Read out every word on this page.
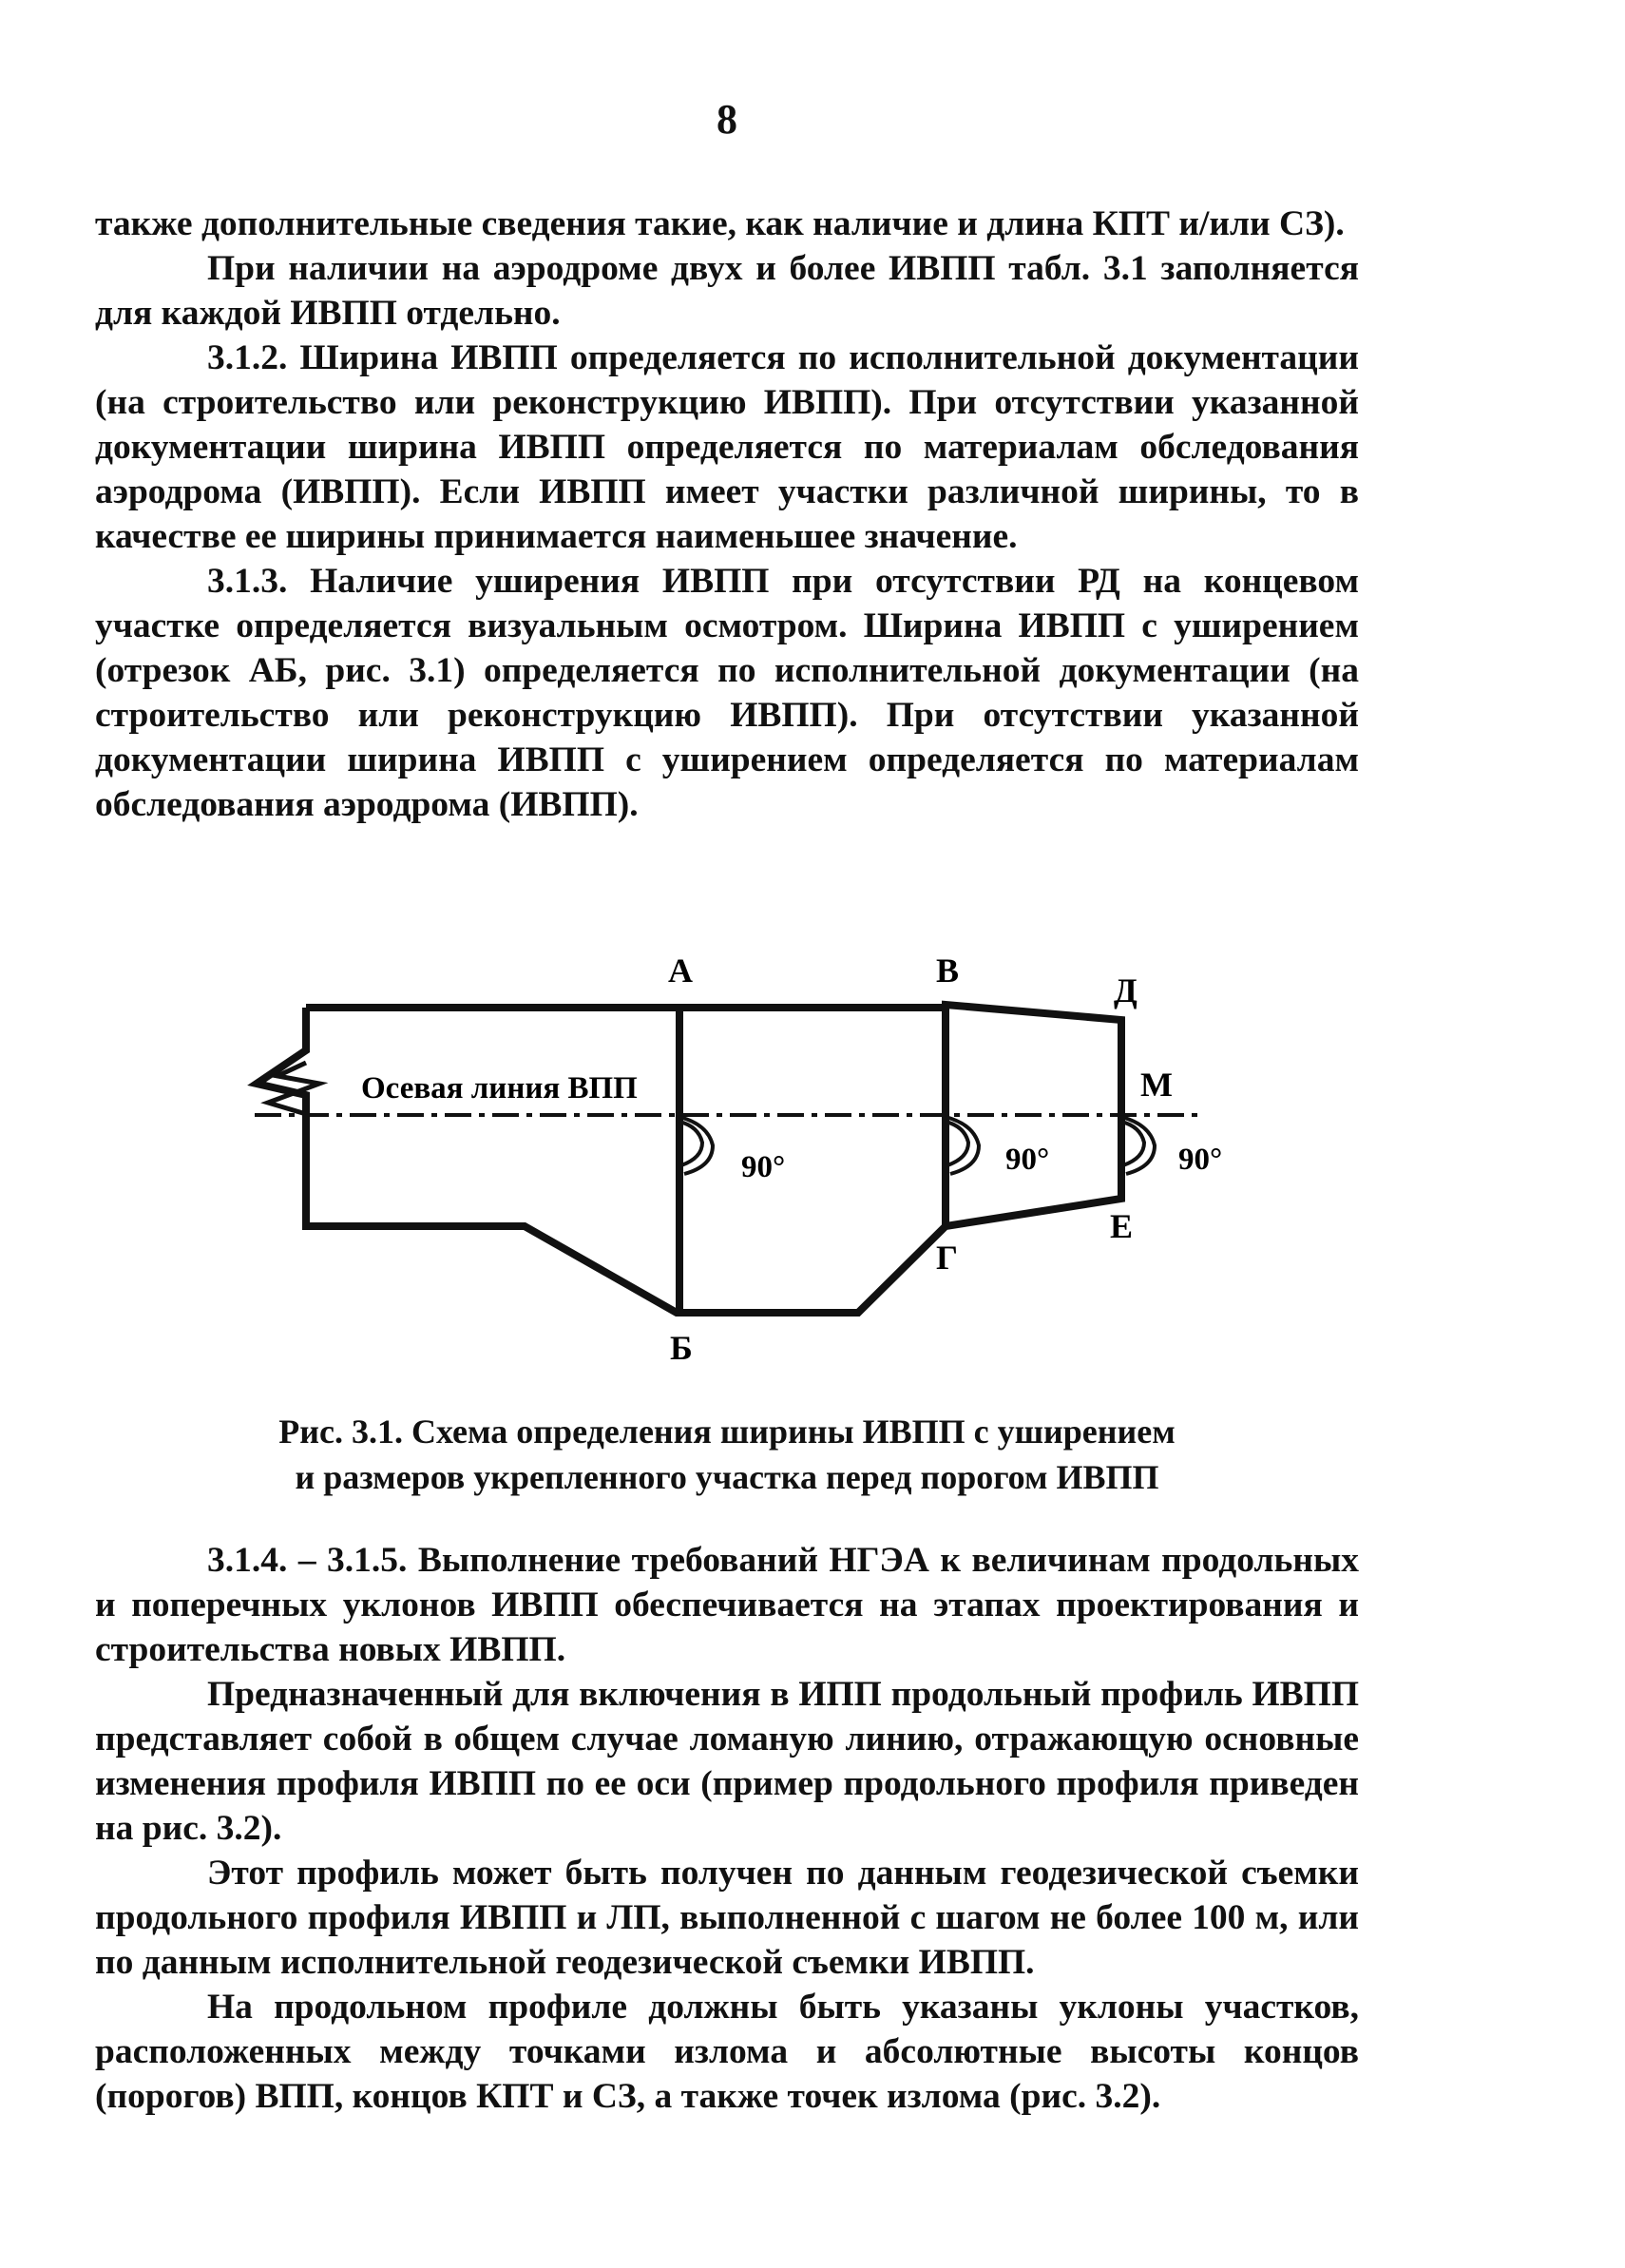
8

также дополнительные сведения такие, как наличие и длина КПТ и/или СЗ).

При наличии на аэродроме двух и более ИВПП табл. 3.1 заполняется для каждой ИВПП отдельно.

3.1.2. Ширина ИВПП определяется по исполнительной документации (на строительство или реконструкцию ИВПП). При отсутствии указанной документации ширина ИВПП определяется по материалам обследования аэродрома (ИВПП). Если ИВПП имеет участки различной ширины, то в качестве ее ширины принимается наименьшее значение.

3.1.3. Наличие уширения ИВПП при отсутствии РД на концевом участке определяется визуальным осмотром. Ширина ИВПП с уширением (отрезок АБ, рис. 3.1) определяется по исполнительной документации (на строительство или реконструкцию ИВПП). При отсутствии указанной документации ширина ИВПП с уширением определяется по материалам обследования аэродрома (ИВПП).

А	В
Д
М
Е
Г
Б
Осевая линия ВПП
90°	90°	90°
Рис. 3.1. Схема определения ширины ИВПП с уширением
и размеров укрепленного участка перед порогом ИВПП

3.1.4. – 3.1.5. Выполнение требований НГЭА к величинам продольных и поперечных уклонов ИВПП обеспечивается на этапах проектирования и строительства новых ИВПП.

Предназначенный для включения в ИПП продольный профиль ИВПП представляет собой в общем случае ломаную линию, отражающую основные изменения профиля ИВПП по ее оси (пример продольного профиля приведен на рис. 3.2).

Этот профиль может быть получен по данным геодезической съемки продольного профиля ИВПП и ЛП, выполненной с шагом не более 100 м, или по данным исполнительной геодезической съемки ИВПП.

На продольном профиле должны быть указаны уклоны участков, расположенных между точками излома и абсолютные высоты концов (порогов) ВПП, концов КПТ и СЗ, а также точек излома (рис. 3.2).
